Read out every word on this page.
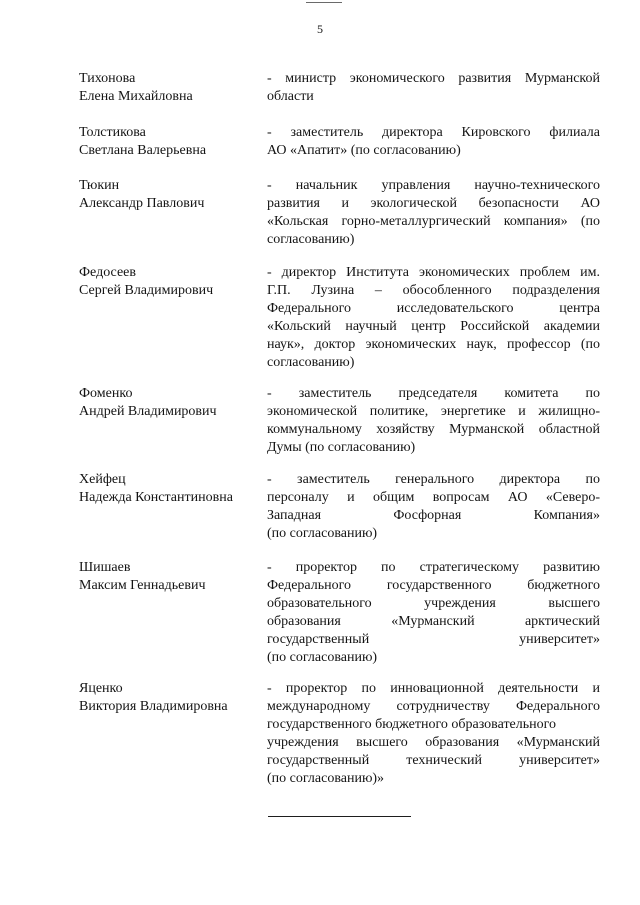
5
Тихонова
Елена Михайловна
- министр экономического развития Мурманской
области
Толстикова
Светлана Валерьевна
- заместитель директора Кировского филиала
АО «Апатит» (по согласованию)
Тюкин
Александр Павлович
- начальник управления научно-технического
развития и экологической безопасности АО
«Кольская горно-металлургический компания» (по
согласованию)
Федосеев
Сергей Владимирович
- директор Института экономических проблем им.
Г.П. Лузина – обособленного подразделения
Федерального исследовательского центра
«Кольский научный центр Российской академии
наук», доктор экономических наук, профессор (по
согласованию)
Фоменко
Андрей Владимирович
- заместитель председателя комитета по
экономической политике, энергетике и жилищно-
коммунальному хозяйству Мурманской областной
Думы (по согласованию)
Хейфец
Надежда Константиновна
- заместитель генерального директора по
персоналу и общим вопросам АО «Северо-
Западная Фосфорная Компания»
(по согласованию)
Шишаев
Максим Геннадьевич
- проректор по стратегическому развитию
Федерального государственного бюджетного
образовательного учреждения высшего
образования «Мурманский арктический
государственный университет»
(по согласованию)
Яценко
Виктория Владимировна
- проректор по инновационной деятельности и
международному сотрудничеству Федерального
государственного бюджетного образовательного
учреждения высшего образования «Мурманский
государственный технический университет»
(по согласованию)»
